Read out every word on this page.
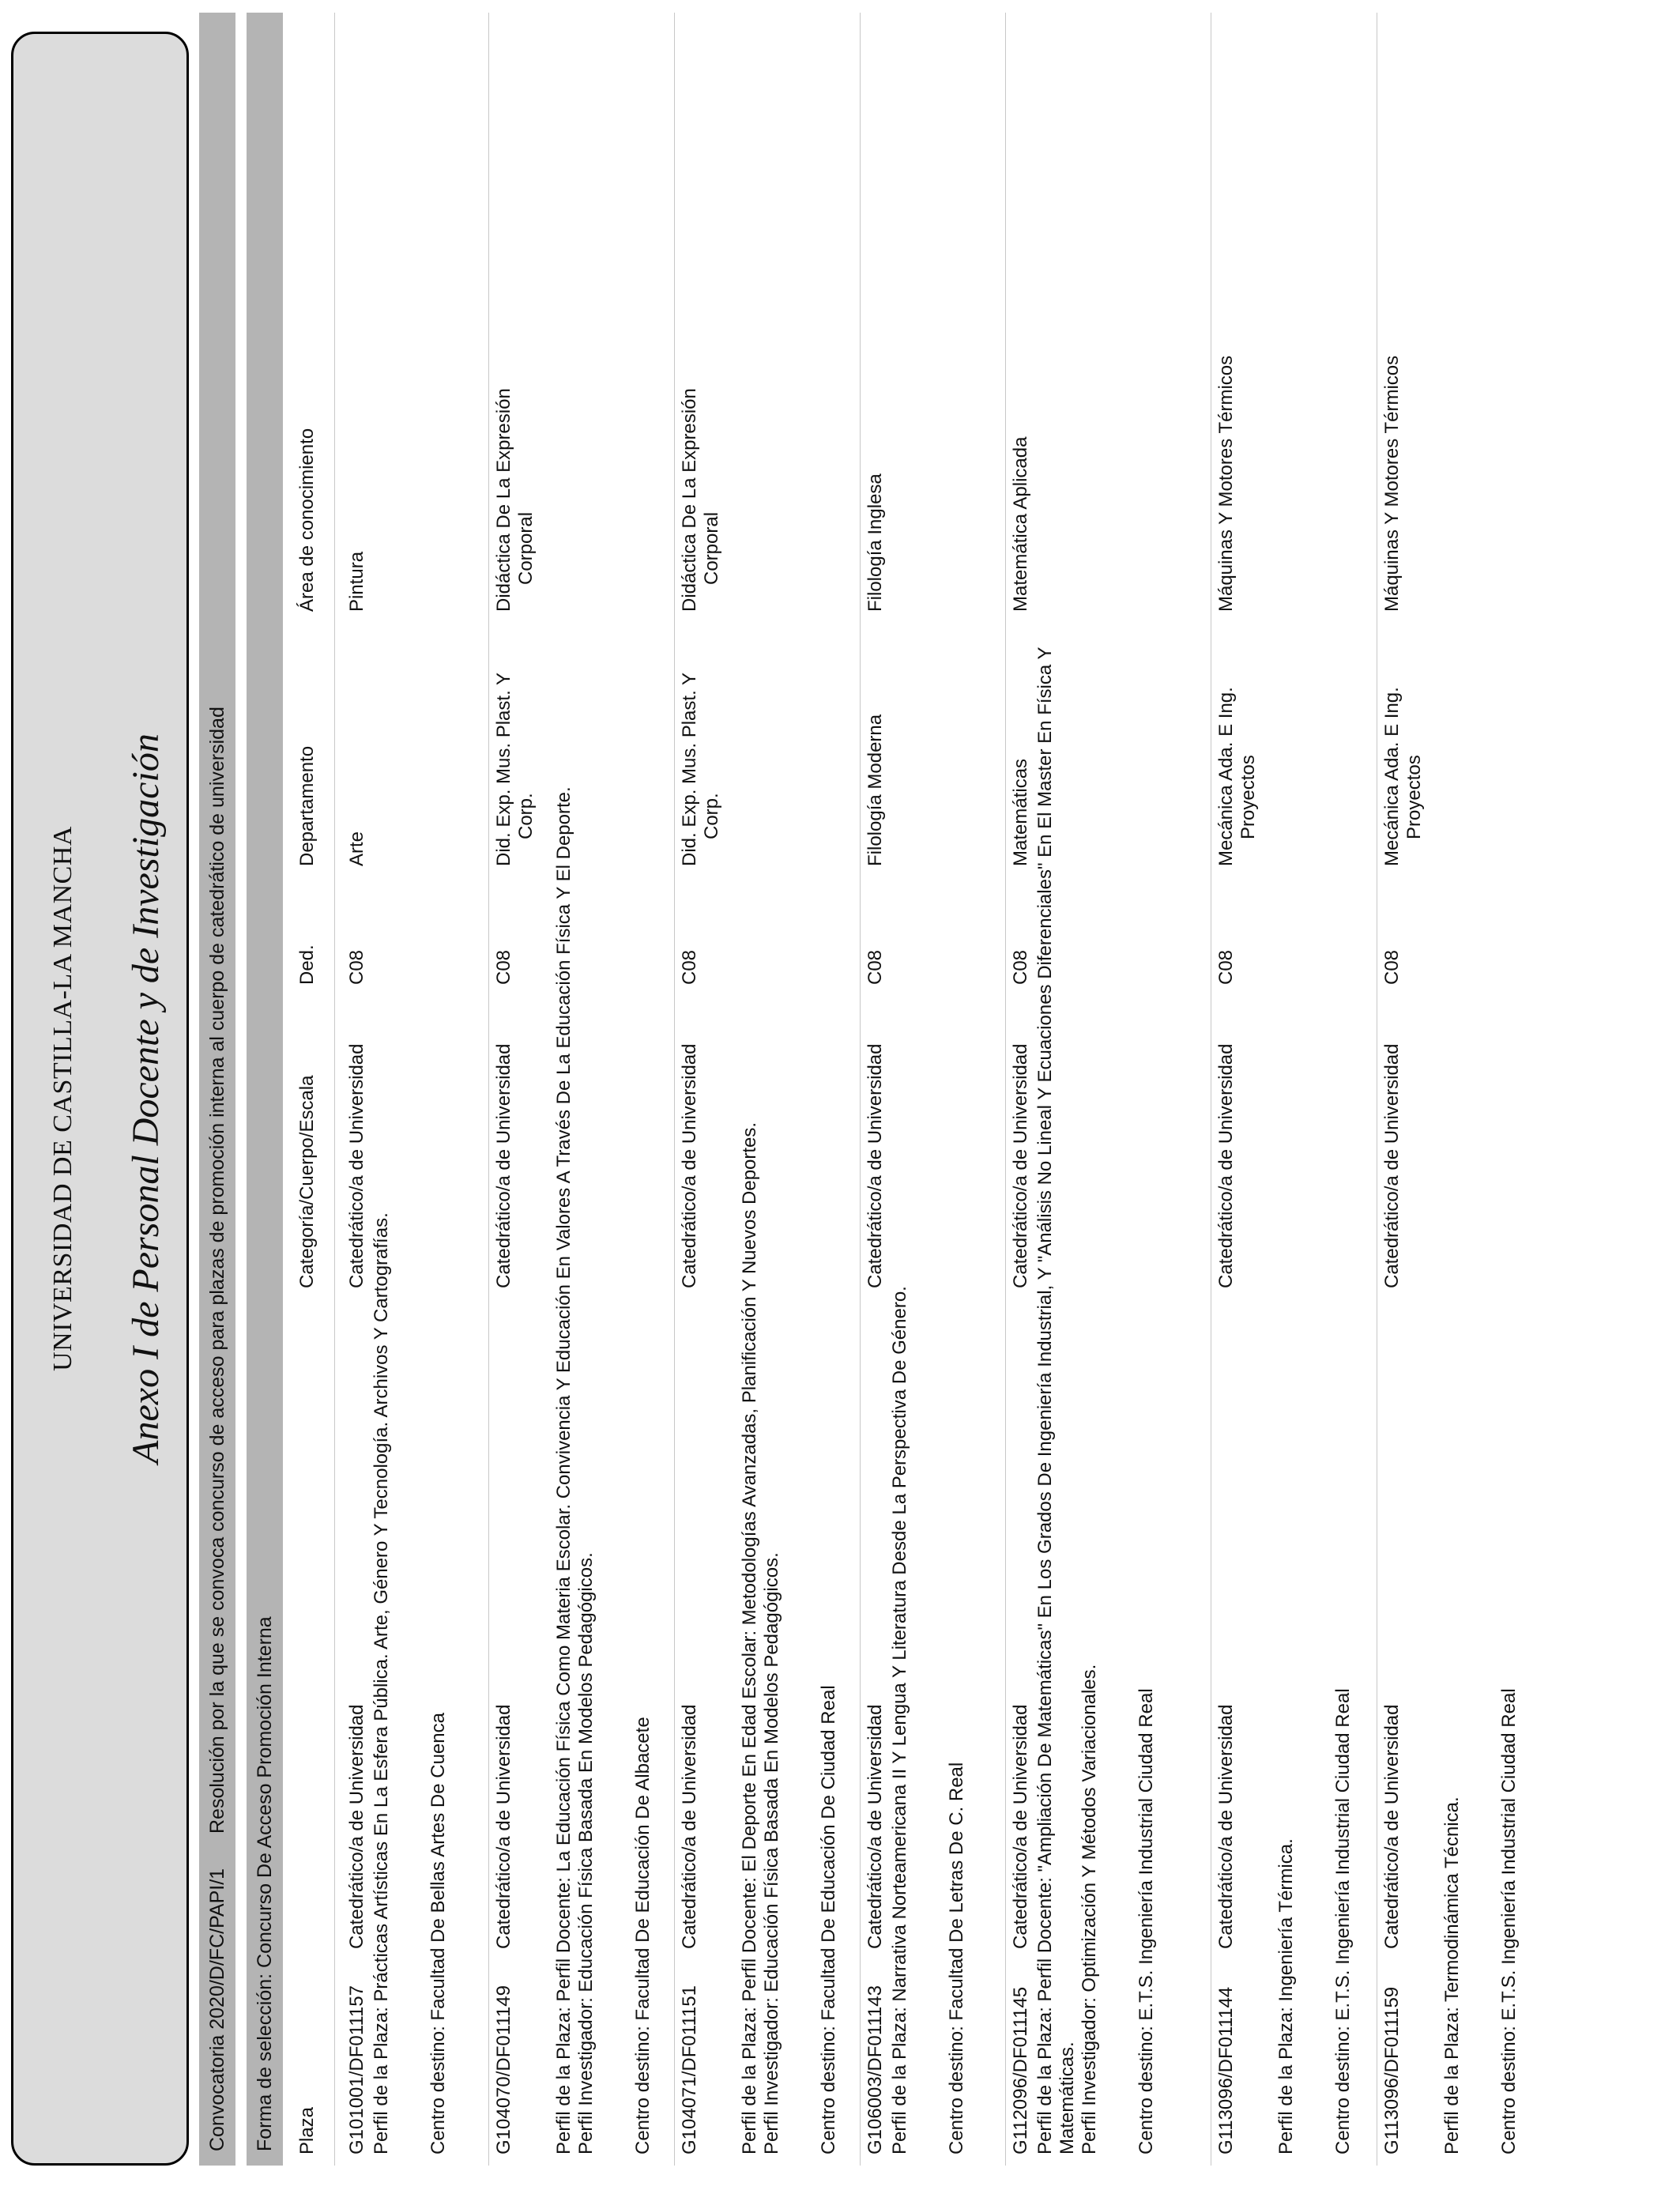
UNIVERSIDAD DE CASTILLA-LA MANCHA Anexo I de Personal Docente y de Investigación
Convocatoria 2020/D/FC/PAPI/1
Resolución por la que se convoca concurso de acceso para plazas de promoción interna al cuerpo de catedrático de universidad
Forma de selección: Concurso De Acceso Promoción Interna Plaza
Categoría/Cuerpo/Escala
Ded.
Departamento
Área de conocimiento
G101001/DF011157
Catedrático/a de Universidad
Catedrático/a de Universidad
C08
Arte
Pintura
Perfil de la Plaza: Prácticas Artísticas En La Esfera Pública. Arte, Género Y Tecnología. Archivos Y Cartografías. Centro destino: Facultad De Bellas Artes De Cuenca G104070/DF011149
Catedrático/a de Universidad
Catedrático/a de Universidad
C08
Did. Exp. Mus. Plast. Y Corp.
Didáctica De La Expresión Corporal
Perfil de la Plaza: Perfil Docente: La Educación Física Como Materia Escolar. Convivencia Y Educación En Valores A Través De La Educación Física Y El Deporte. Perfil Investigador: Educación Física Basada En Modelos Pedagógicos. Centro destino: Facultad De Educación De Albacete G104071/DF011151
Catedrático/a de Universidad
Catedrático/a de Universidad
C08
Did. Exp. Mus. Plast. Y Corp.
Didáctica De La Expresión Corporal
Perfil de la Plaza: Perfil Docente: El Deporte En Edad Escolar: Metodologías Avanzadas, Planificación Y Nuevos Deportes. Perfil Investigador: Educación Física Basada En Modelos Pedagógicos. Centro destino: Facultad De Educación De Ciudad Real G106003/DF011143
Catedrático/a de Universidad
Catedrático/a de Universidad
C08
Filología Moderna
Filología Inglesa
Perfil de la Plaza: Narrativa Norteamericana II Y Lengua Y Literatura Desde La Perspectiva De Género. Centro destino: Facultad De Letras De C. Real G112096/DF011145
Catedrático/a de Universidad
Catedrático/a de Universidad
C08
Matemáticas
Matemática Aplicada
Perfil de la Plaza: Perfil Docente: "Ampliación De Matemáticas" En Los Grados De Ingeniería Industrial, Y "Análisis No Lineal Y Ecuaciones Diferenciales" En El Master En Física Y Matemáticas. Perfil Investigador: Optimización Y Métodos Variacionales. Centro destino: E.T.S. Ingeniería Industrial Ciudad Real	G113096/DF011144
Catedrático/a de Universidad
Catedrático/a de Universidad
C08
Mecánica Ada. E Ing. Proyectos
Máquinas Y Motores Térmicos
Perfil de la Plaza: Ingeniería Térmica. Centro destino: E.T.S. Ingeniería Industrial Ciudad Real G113096/DF011159
Catedrático/a de Universidad
Catedrático/a de Universidad
C08
Mecánica Ada. E Ing. Proyectos
Máquinas Y Motores Térmicos
Perfil de la Plaza: Termodinámica Técnica. Centro destino: E.T.S. Ingeniería Industrial Ciudad Real
